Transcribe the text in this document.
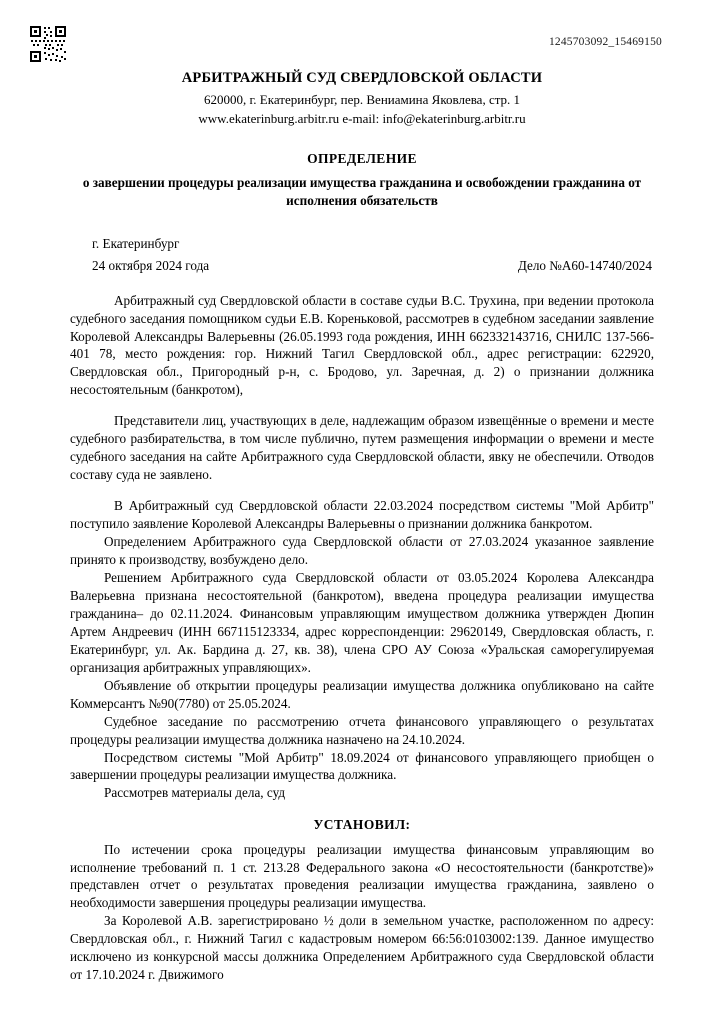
1245703092_15469150
АРБИТРАЖНЫЙ СУД СВЕРДЛОВСКОЙ ОБЛАСТИ
620000, г. Екатеринбург, пер. Вениамина Яковлева, стр. 1
www.ekaterinburg.arbitr.ru e-mail: info@ekaterinburg.arbitr.ru
ОПРЕДЕЛЕНИЕ
о завершении процедуры реализации имущества гражданина и освобождении гражданина от исполнения обязательств
г. Екатеринбург
24 октября 2024 года	Дело №А60-14740/2024

Арбитражный суд Свердловской области в составе судьи В.С. Трухина, при ведении протокола судебного заседания помощником судьи Е.В. Кореньковой, рассмотрев в судебном заседании заявление Королевой Александры Валерьевны (26.05.1993 года рождения, ИНН 662332143716, СНИЛС 137-566-401 78, место рождения: гор. Нижний Тагил Свердловской обл., адрес регистрации: 622920, Свердловская обл., Пригородный р-н, с. Бродово, ул. Заречная, д. 2) о признании должника несостоятельным (банкротом),

Представители лиц, участвующих в деле, надлежащим образом извещённые о времени и месте судебного разбирательства, в том числе публично, путем размещения информации о времени и месте судебного заседания на сайте Арбитражного суда Свердловской области, явку не обеспечили. Отводов составу суда не заявлено.

В Арбитражный суд Свердловской области 22.03.2024 посредством системы "Мой Арбитр" поступило заявление Королевой Александры Валерьевны о признании должника банкротом.

Определением Арбитражного суда Свердловской области от 27.03.2024 указанное заявление принято к производству, возбуждено дело.

Решением Арбитражного суда Свердловской области от 03.05.2024 Королева Александра Валерьевна признана несостоятельной (банкротом), введена процедура реализации имущества гражданина– до 02.11.2024. Финансовым управляющим имуществом должника утвержден Дюпин Артем Андреевич (ИНН 667115123334, адрес корреспонденции: 29620149, Свердловская область, г. Екатеринбург, ул. Ак. Бардина д. 27, кв. 38), члена СРО АУ Союза «Уральская саморегулируемая организация арбитражных управляющих».

Объявление об открытии процедуры реализации имущества должника опубликовано на сайте Коммерсантъ №90(7780) от 25.05.2024.

Судебное заседание по рассмотрению отчета финансового управляющего о результатах процедуры реализации имущества должника назначено на 24.10.2024.

Посредством системы "Мой Арбитр" 18.09.2024 от финансового управляющего приобщен о завершении процедуры реализации имущества должника.

Рассмотрев материалы дела, суд

УСТАНОВИЛ:

По истечении срока процедуры реализации имущества финансовым управляющим во исполнение требований п. 1 ст. 213.28 Федерального закона «О несостоятельности (банкротстве)» представлен отчет о результатах проведения реализации имущества гражданина, заявлено о необходимости завершения процедуры реализации имущества.

За Королевой А.В. зарегистрировано ½ доли в земельном участке, расположенном по адресу: Свердловская обл., г. Нижний Тагил с кадастровым номером 66:56:0103002:139. Данное имущество исключено из конкурсной массы должника Определением Арбитражного суда Свердловской области от 17.10.2024 г. Движимого
